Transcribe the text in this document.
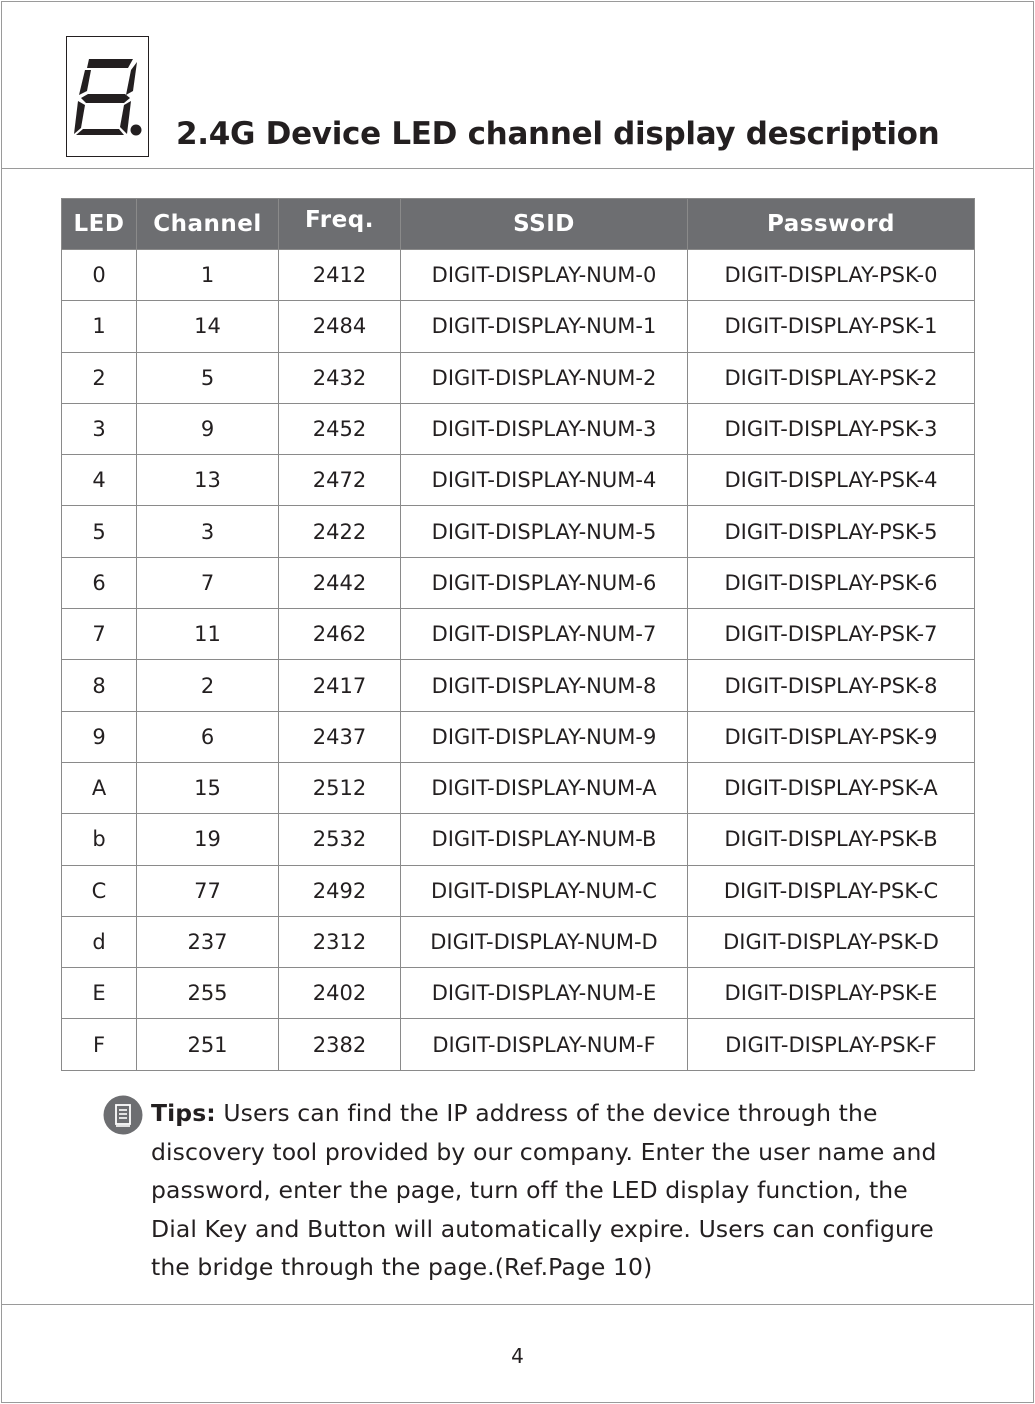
2.4G Device LED channel display description
LED	Channel	Freq.	SSID	Password
0	1	2412	DIGIT-DISPLAY-NUM-0	DIGIT-DISPLAY-PSK-0
1	14	2484	DIGIT-DISPLAY-NUM-1	DIGIT-DISPLAY-PSK-1
2	5	2432	DIGIT-DISPLAY-NUM-2	DIGIT-DISPLAY-PSK-2
3	9	2452	DIGIT-DISPLAY-NUM-3	DIGIT-DISPLAY-PSK-3
4	13	2472	DIGIT-DISPLAY-NUM-4	DIGIT-DISPLAY-PSK-4
5	3	2422	DIGIT-DISPLAY-NUM-5	DIGIT-DISPLAY-PSK-5
6	7	2442	DIGIT-DISPLAY-NUM-6	DIGIT-DISPLAY-PSK-6
7	11	2462	DIGIT-DISPLAY-NUM-7	DIGIT-DISPLAY-PSK-7
8	2	2417	DIGIT-DISPLAY-NUM-8	DIGIT-DISPLAY-PSK-8
9	6	2437	DIGIT-DISPLAY-NUM-9	DIGIT-DISPLAY-PSK-9
A	15	2512	DIGIT-DISPLAY-NUM-A	DIGIT-DISPLAY-PSK-A
b	19	2532	DIGIT-DISPLAY-NUM-B	DIGIT-DISPLAY-PSK-B
C	77	2492	DIGIT-DISPLAY-NUM-C	DIGIT-DISPLAY-PSK-C
d	237	2312	DIGIT-DISPLAY-NUM-D	DIGIT-DISPLAY-PSK-D
E	255	2402	DIGIT-DISPLAY-NUM-E	DIGIT-DISPLAY-PSK-E
F	251	2382	DIGIT-DISPLAY-NUM-F	DIGIT-DISPLAY-PSK-F
Tips: Users can find the IP address of the device through the discovery tool provided by our company. Enter the user name and password, enter the page, turn off the LED display function, the Dial Key and Button will automatically expire. Users can configure the bridge through the page.(Ref.Page 10)
4
